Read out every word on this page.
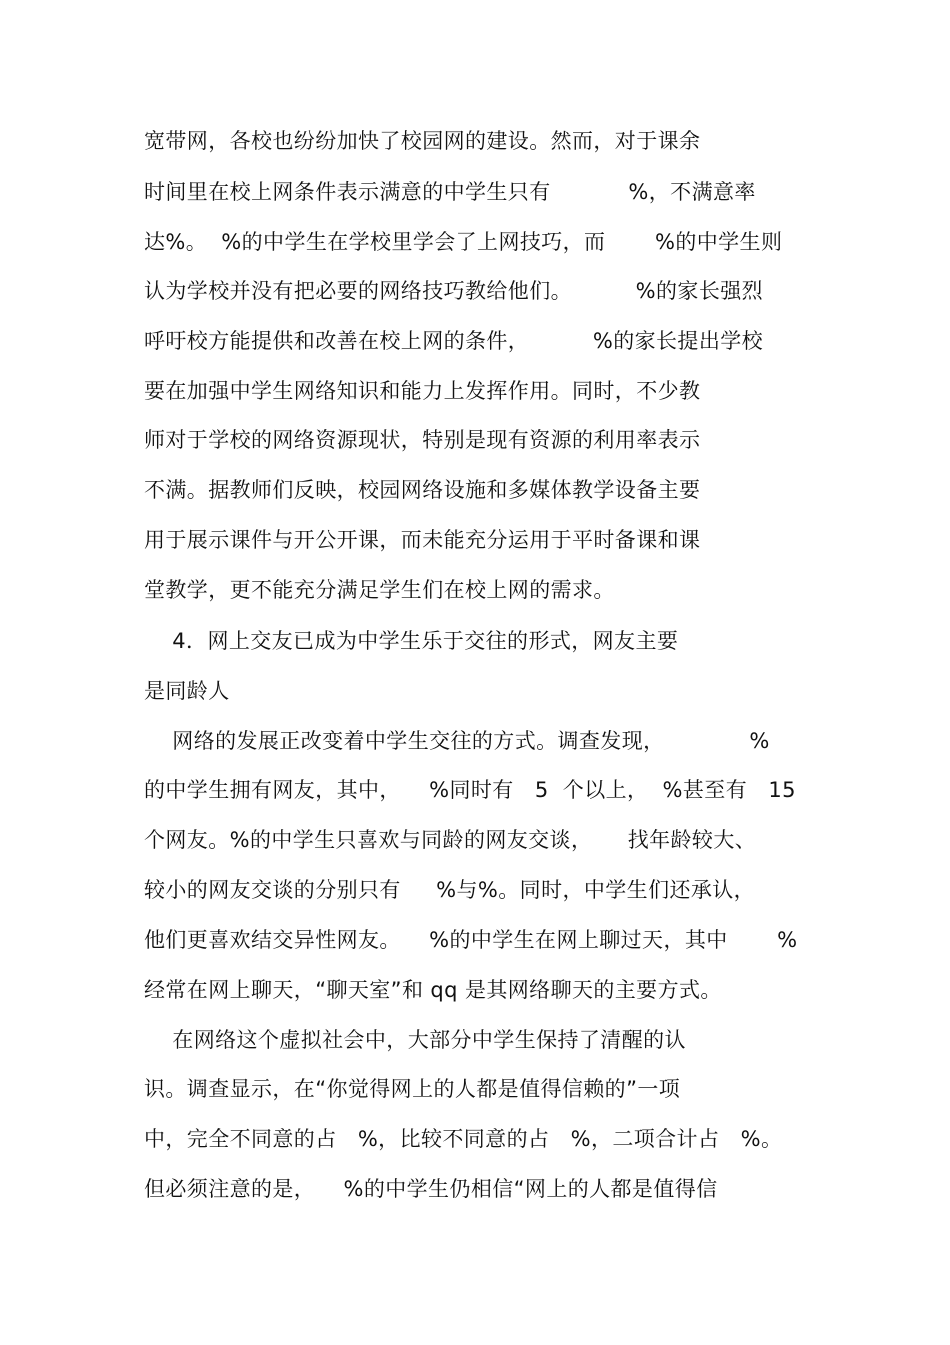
宽带网，各校也纷纷加快了校园网的建设。然而，对于课余
时间里在校上网条件表示满意的中学生只有           %，不满意率
达%。  %的中学生在学校里学会了上网技巧，而       %的中学生则
认为学校并没有把必要的网络技巧教给他们。         %的家长强烈
呼吁校方能提供和改善在校上网的条件，         %的家长提出学校
要在加强中学生网络知识和能力上发挥作用。同时，不少教
师对于学校的网络资源现状，特别是现有资源的利用率表示
不满。据教师们反映，校园网络设施和多媒体教学设备主要
用于展示课件与开公开课，而未能充分运用于平时备课和课
堂教学，更不能充分满足学生们在校上网的需求。
4．网上交友已成为中学生乐于交往的形式，网友主要
是同龄人
网络的发展正改变着中学生交往的方式。调查发现，            %
的中学生拥有网友，其中，    %同时有   5  个以上，  %甚至有   15
个网友。%的中学生只喜欢与同龄的网友交谈，     找年龄较大、
较小的网友交谈的分别只有     %与%。同时，中学生们还承认，
他们更喜欢结交异性网友。    %的中学生在网上聊过天，其中       %
经常在网上聊天，“聊天室”和 qq 是其网络聊天的主要方式。
在网络这个虚拟社会中，大部分中学生保持了清醒的认
识。调查显示，在“你觉得网上的人都是值得信赖的”一项
中，完全不同意的占   %，比较不同意的占   %，二项合计占   %。
但必须注意的是，    %的中学生仍相信“网上的人都是值得信
